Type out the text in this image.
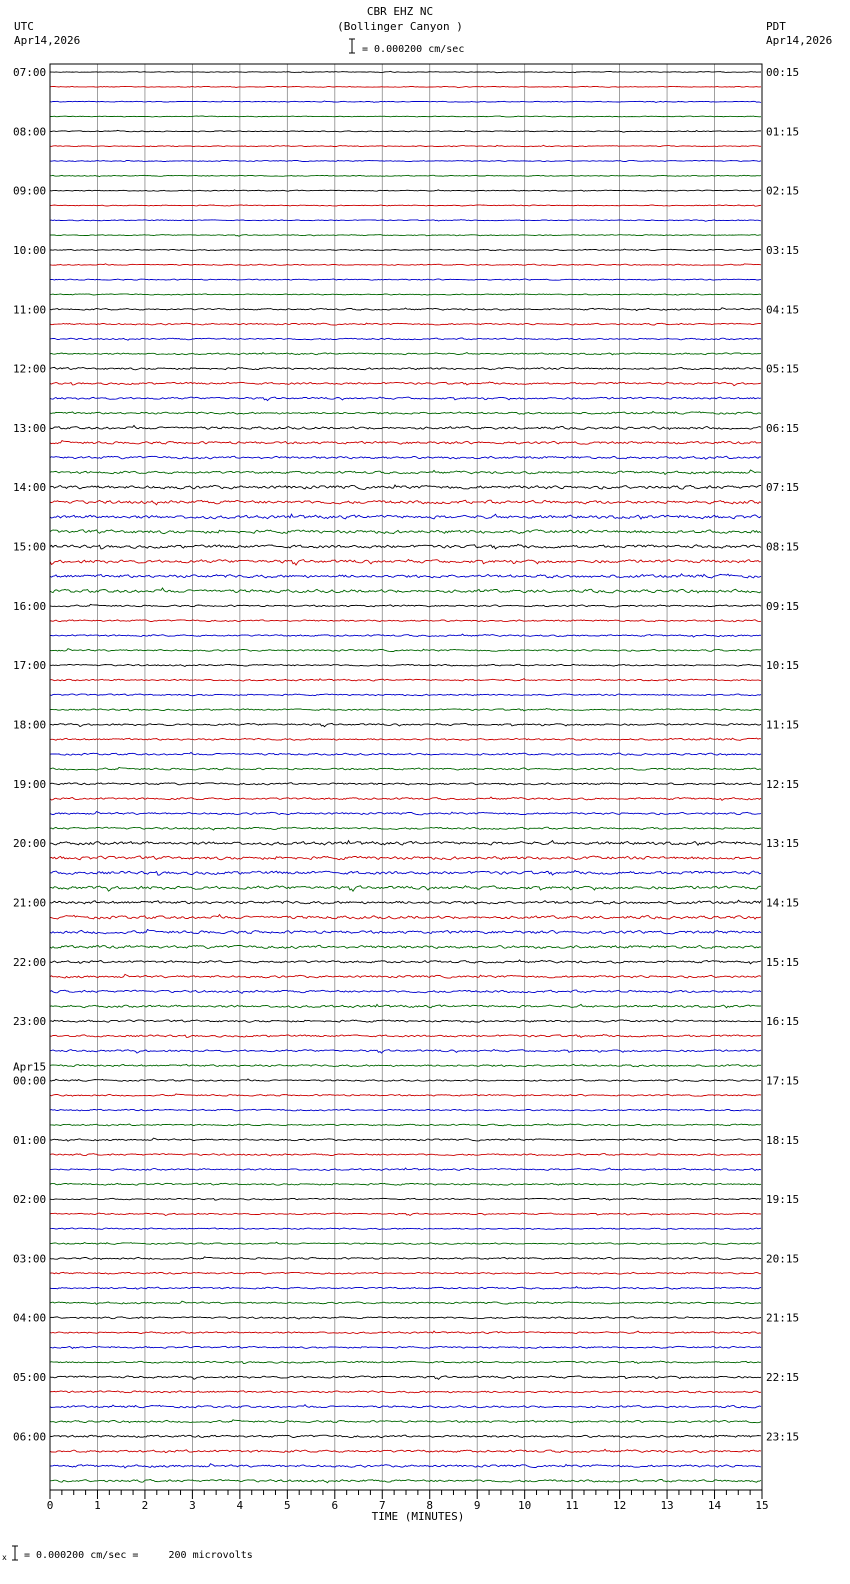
UTC
Apr14,2026
CBR EHZ NC
(Bollinger Canyon )	PDT
Apr14,2026
= 0.000200 cm/sec
= 0.000200 cm/sec =     200 microvolts
x
0	1	2	3	4	5	6	7	8	9	10	11	12	13	14	15
07:00
08:00
09:00
10:00
11:00
12:00
13:00
14:00
15:00
16:00
17:00
18:00
19:00
20:00
21:00
22:00
23:00
00:00
Apr15
01:00
02:00
03:00
04:00
05:00
06:00
00:15
01:15
02:15
03:15
04:15
05:15
06:15
07:15
08:15
09:15
10:15
11:15
12:15
13:15
14:15
15:15
16:15
17:15
18:15
19:15
20:15
21:15
22:15
23:15
TIME (MINUTES)
